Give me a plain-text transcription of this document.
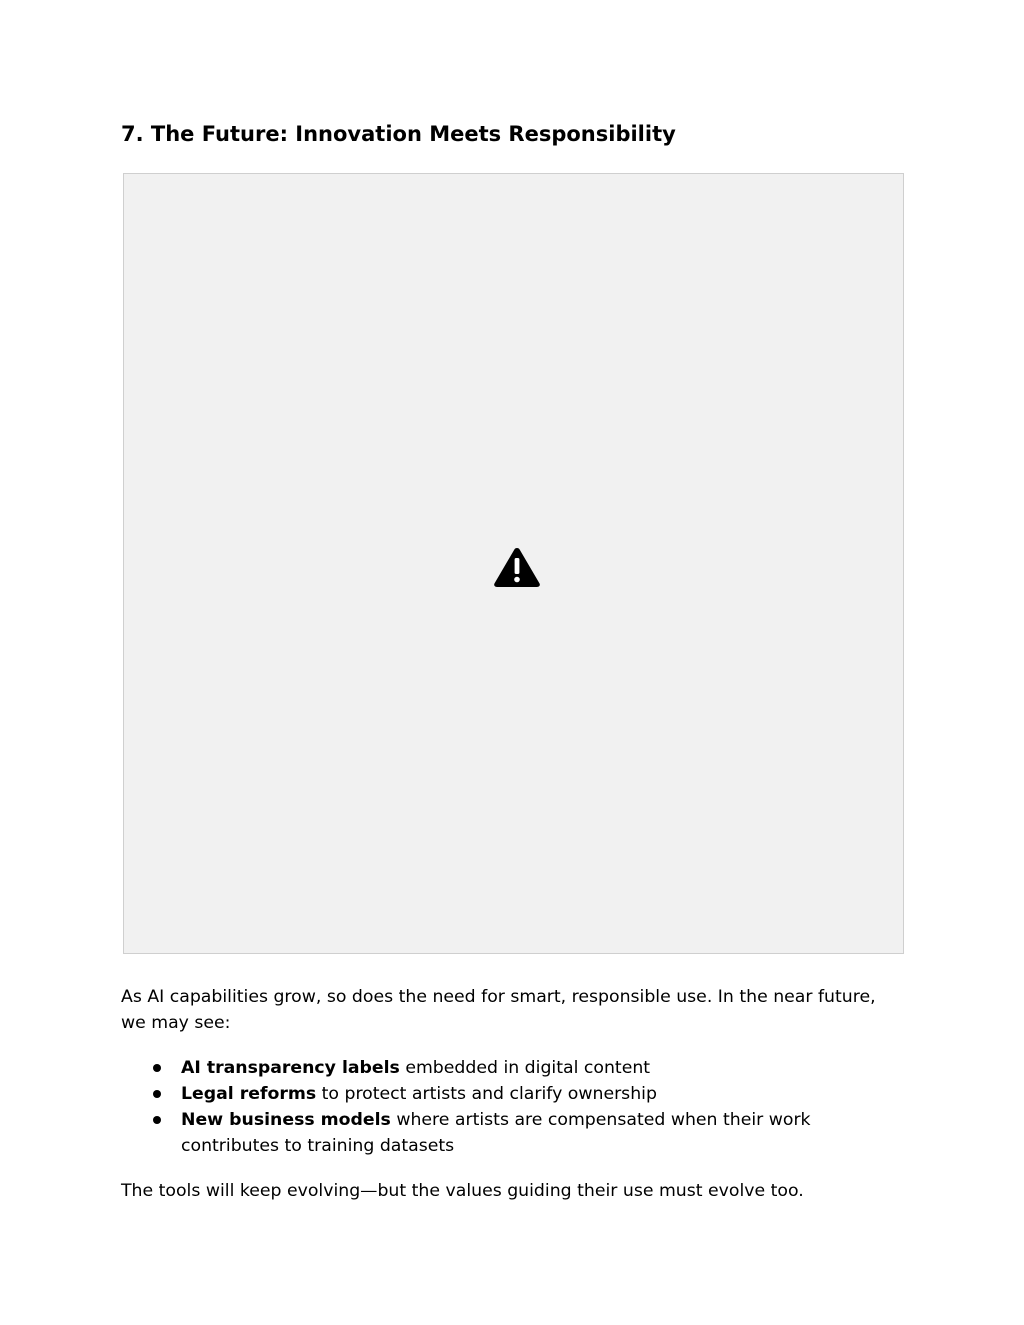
7. The Future: Innovation Meets Responsibility

As AI capabilities grow, so does the need for smart, responsible use. In the near future, we may see:

AI transparency labels embedded in digital content
Legal reforms to protect artists and clarify ownership
New business models where artists are compensated when their work contributes to training datasets

The tools will keep evolving—but the values guiding their use must evolve too.
